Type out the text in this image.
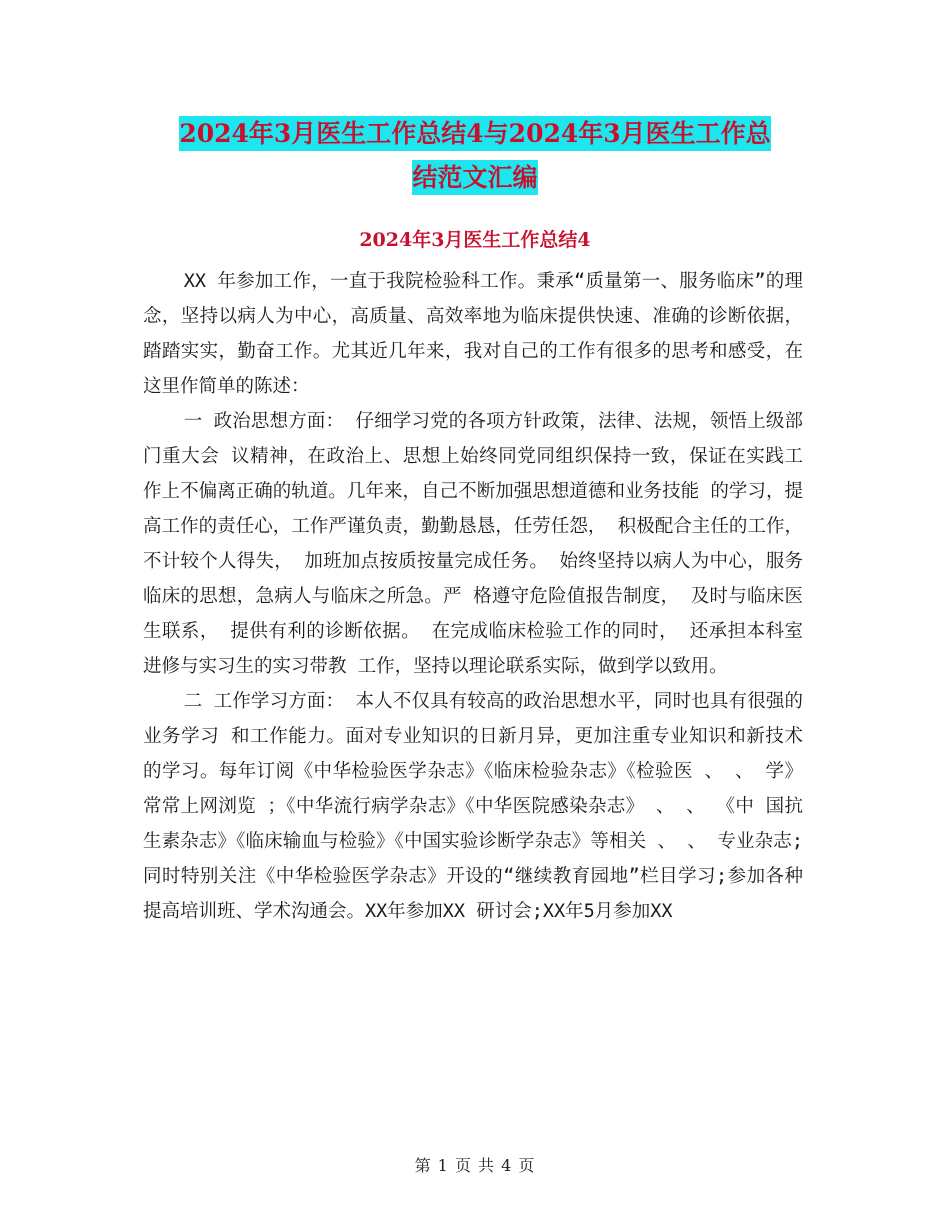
2024年3月医生工作总结4与2024年3月医生工作总
结范文汇编
2024年3月医生工作总结4

XX 年参加工作，一直于我院检验科工作。秉承“质量第一、服务临床”的理念，坚持以病人为中心，高质量、高效率地为临床提供快速、准确的诊断依据，踏踏实实，勤奋工作。尤其近几年来，我对自己的工作有很多的思考和感受，在这里作简单的陈述：

一 政治思想方面： 仔细学习党的各项方针政策，法律、法规，领悟上级部门重大会 议精神，在政治上、思想上始终同党同组织保持一致，保证在实践工 作上不偏离正确的轨道。几年来，自己不断加强思想道德和业务技能 的学习，提高工作的责任心，工作严谨负责，勤勤恳恳，任劳任怨， 积极配合主任的工作， 不计较个人得失， 加班加点按质按量完成任务。 始终坚持以病人为中心，服务临床的思想，急病人与临床之所急。严 格遵守危险值报告制度， 及时与临床医生联系， 提供有利的诊断依据。 在完成临床检验工作的同时， 还承担本科室进修与实习生的实习带教 工作，坚持以理论联系实际，做到学以致用。

二 工作学习方面： 本人不仅具有较高的政治思想水平，同时也具有很强的业务学习 和工作能力。面对专业知识的日新月异，更加注重专业知识和新技术 的学习。每年订阅《中华检验医学杂志》《临床检验杂志》《检验医 、 、 学》 常常上网浏览 ；《中华流行病学杂志》《中华医院感染杂志》 、 、 《中 国抗生素杂志》《临床输血与检验》《中国实验诊断学杂志》等相关 、 、 专业杂志;同时特别关注《中华检验医学杂志》开设的“继续教育园地”栏目学习;参加各种提高培训班、学术沟通会。XX年参加XX 研讨会;XX年5月参加XX

第 1 页 共 4 页
